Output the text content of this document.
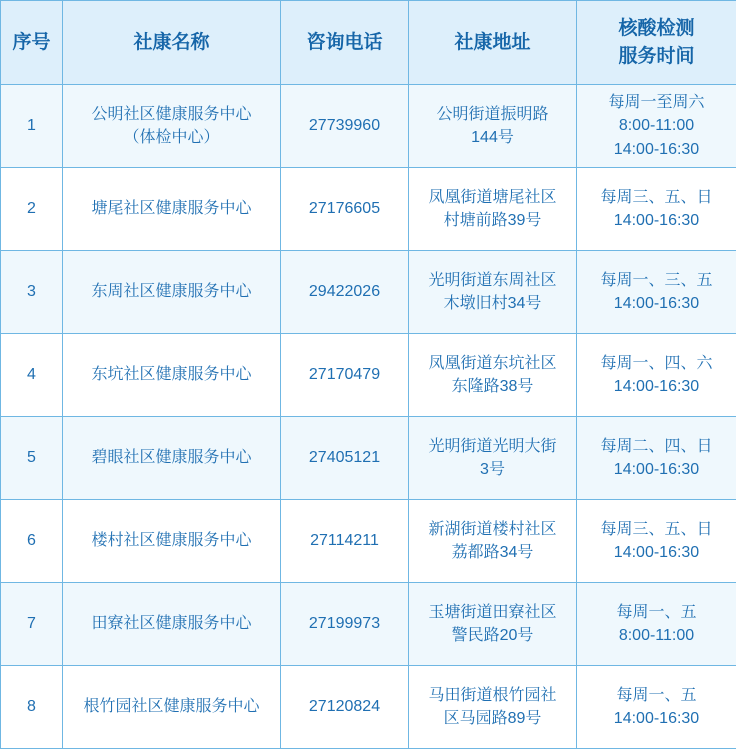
序号	社康名称	咨询电话	社康地址	核酸检测
服务时间

1	公明社区健康服务中心
（体检中心）	27739960	公明街道振明路
144号	每周一至周六
8:00-11:00
14:00-16:30

2	塘尾社区健康服务中心	27176605	凤凰街道塘尾社区
村塘前路39号	每周三、五、日
14:00-16:30

3	东周社区健康服务中心	29422026	光明街道东周社区
木墩旧村34号	每周一、三、五
14:00-16:30

4	东坑社区健康服务中心	27170479	凤凰街道东坑社区
东隆路38号	每周一、四、六
14:00-16:30

5	碧眼社区健康服务中心	27405121	光明街道光明大街
3号	每周二、四、日
14:00-16:30

6	楼村社区健康服务中心	27114211	新湖街道楼村社区
荔都路34号	每周三、五、日
14:00-16:30

7	田寮社区健康服务中心	27199973	玉塘街道田寮社区
警民路20号	每周一、五
8:00-11:00

8	根竹园社区健康服务中心	27120824	马田街道根竹园社
区马园路89号	每周一、五
14:00-16:30
